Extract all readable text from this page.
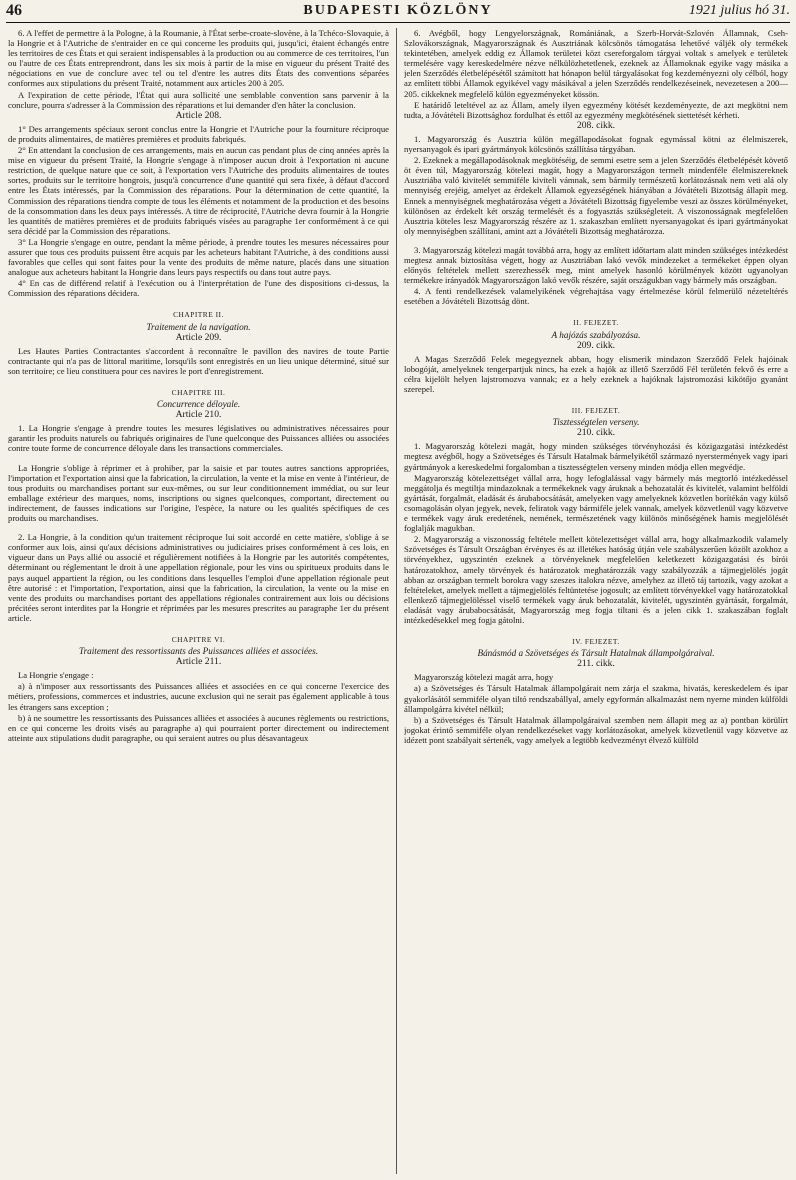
46	BUDAPESTI KÖZLÖNY	1921 julius hó 31.

6. A l'effet de permettre à la Pologne, à la Roumanie, à l'État serbe-croate-slovène, à la Tchéco-Slovaquie, à la Hongrie et à l'Autriche de s'entraider en ce qui concerne les produits qui, jusqu'ici, étaient échangés entre les territoires de ces États et qui seraient indispensables à la production ou au commerce de ces territoires, l'un ou l'autre de ces États entreprendront, dans les six mois à partir de la mise en vigueur du présent Traité des négociations en vue de conclure avec tel ou tel d'entre les autres dits États des conventions séparées conformes aux stipulations du présent Traité, notamment aux articles 200 à 205.

A l'expiration de cette période, l'État qui aura sollicité une semblable convention sans parvenir à la conclure, pourra s'adresser à la Commission des réparations et lui demander d'en hâter la conclusion.

Article 208.

1° Des arrangements spéciaux seront conclus entre la Hongrie et l'Autriche pour la fourniture réciproque de produits alimentaires, de matières premières et produits fabriqués.

2° En attendant la conclusion de ces arrangements, mais en aucun cas pendant plus de cinq années après la mise en vigueur du présent Traité, la Hongrie s'engage à n'imposer aucun droit à l'exportation ni aucune restriction, de quelque nature que ce soit, à l'exportation vers l'Autriche des produits alimentaires de toutes sortes, produits sur le territoire hongrois, jusqu'à concurrence d'une quantité qui sera fixée, à défaut d'accord entre les États intéressés, par la Commission des réparations. Pour la détermination de cette quantité, la Commission des réparations tiendra compte de tous les éléments et notamment de la production et des besoins de la consommation dans les deux pays intéressés. A titre de réciprocité, l'Autriche devra fournir à la Hongrie les quantités de matières premières et de produits fabriqués visées au paragraphe 1er conformément à ce qui sera décidé par la Commission des réparations.

3° La Hongrie s'engage en outre, pendant la même période, à prendre toutes les mesures nécessaires pour assurer que tous ces produits puissent être acquis par les acheteurs habitant l'Autriche, à des conditions aussi favorables que celles qui sont faites pour la vente des produits de même nature, placés dans une situation analogue aux acheteurs habitant la Hongrie dans leurs pays respectifs ou dans tout autre pays.

4° En cas de différend relatif à l'exécution ou à l'interprétation de l'une des dispositions ci-dessus, la Commission des réparations décidera.

CHAPITRE II.

Traitement de la navigation.

Article 209.

Les Hautes Parties Contractantes s'accordent à reconnaître le pavillon des navires de toute Partie contractante qui n'a pas de littoral maritime, lorsqu'ils sont enregistrés en un lieu unique déterminé, situé sur son territoire; ce lieu constituera pour ces navires le port d'enregistrement.

CHAPITRE III.

Concurrence déloyale.

Article 210.

1. La Hongrie s'engage à prendre toutes les mesures législatives ou administratives nécessaires pour garantir les produits naturels ou fabriqués originaires de l'une quelconque des Puissances alliées ou associées contre toute forme de concurrence déloyale dans les transactions commerciales.

La Hongrie s'oblige à réprimer et à prohiber, par la saisie et par toutes autres sanctions appropriées, l'importation et l'exportation ainsi que la fabrication, la circulation, la vente et la mise en vente à l'intérieur, de tous produits ou marchandises portant sur eux-mêmes, ou sur leur conditionnement immédiat, ou sur leur emballage extérieur des marques, noms, inscriptions ou signes quelconques, comportant, directement ou indirectement, de fausses indications sur l'origine, l'espèce, la nature ou les qualités spécifiques de ces produits ou marchandises.

2. La Hongrie, à la condition qu'un traitement réciproque lui soit accordé en cette matière, s'oblige à se conformer aux lois, ainsi qu'aux décisions administratives ou judiciaires prises conformément à ces lois, en vigueur dans un Pays allié ou associé et régulièrement notifiées à la Hongrie par les autorités compétentes, déterminant ou réglementant le droit à une appellation régionale, pour les vins ou spiritueux produits dans le pays auquel appartient la région, ou les conditions dans lesquelles l'emploi d'une appellation régionale peut être autorisé : et l'importation, l'exportation, ainsi que la fabrication, la circulation, la vente ou la mise en vente des produits ou marchandises portant des appellations régionales contrairement aux lois ou décisions précitées seront interdites par la Hongrie et réprimées par les mesures prescrites au paragraphe 1er du présent article.

CHAPITRE VI.

Traitement des ressortissants des Puissances alliées et associées.

Article 211.

La Hongrie s'engage :

a) à n'imposer aux ressortissants des Puissances alliées et associées en ce qui concerne l'exercice des métiers, professions, commerces et industries, aucune exclusion qui ne serait pas également applicable à tous les étrangers sans exception ;

b) à ne soumettre les ressortissants des Puissances alliées et associées à aucunes règlements ou restrictions, en ce qui concerne les droits visés au paragraphe a) qui pourraient porter directement ou indirectement atteinte aux stipulations dudit paragraphe, ou qui seraient autres ou plus désavantageux

6. Avégből, hogy Lengyelországnak, Romániának, a Szerb-Horvát-Szlovén Államnak, Cseh-Szlovákországnak, Magyarországnak és Ausztriának kölcsönös támogatása lehetővé váljék oly termékek tekintetében, amelyek eddig ez Államok területei közt csereforgalom tárgyai voltak s amelyek e területek termelésére vagy kereskedelmére nézve nélkülözhetetlenek, ezeknek az Államoknak egyike vagy másika a jelen Szerződés életbelépésétől számított hat hónapon belül tárgyalásokat fog kezdeményezni oly célból, hogy az említett többi Államok egyikével vagy másikával a jelen Szerződés rendelkezéseinek, nevezetesen a 200—205. cikkeknek megfelelő külön egyezményeket kössön.

E határidő leteltével az az Állam, amely ilyen egyezmény kötését kezdeményezte, de azt megkötni nem tudta, a Jóvátételi Bizottsághoz fordulhat és ettől az egyezmény megkötésének siettetését kérheti.

208. cikk.

1. Magyarország és Ausztria külön megállapodásokat fognak egymással kötni az élelmiszerek, nyersanyagok és ipari gyártmányok kölcsönös szállítása tárgyában.

2. Ezeknek a megállapodásoknak megkötéséig, de semmi esetre sem a jelen Szerződés életbelépését követő öt éven túl, Magyarország kötelezi magát, hogy a Magyarországon termelt mindenféle élelmiszereknek Ausztriába való kivitelét semmiféle kiviteli vámnak, sem bármily természetű korlátozásnak nem veti alá oly mennyiség erejéig, amelyet az érdekelt Államok egyezségének hiányában a Jóvátételi Bizottság állapít meg. Ennek a mennyiségnek meghatározása végett a Jóvátételi Bizottság figyelembe veszi az összes körülményeket, különösen az érdekelt két ország termelését és a fogyasztás szükségleteit. A viszonosságnak megfelelően Ausztria köteles lesz Magyarország részére az 1. szakaszban említett nyersanyagokat és ipari gyártmányokat oly mennyiségben szállítani, amint azt a Jóvátételi Bizottság meghatározza.

3. Magyarország kötelezi magát továbbá arra, hogy az említett időtartam alatt minden szükséges intézkedést megtesz annak biztosítása végett, hogy az Ausztriában lakó vevők mindezeket a termékeket éppen olyan előnyös feltételek mellett szerezhessék meg, mint amelyek hasonló körülmények között ugyanolyan termékekre irányadók Magyarországon lakó vevők részére, saját országukban vagy bármely más országban.

4. A fenti rendelkezések valamelyikének végrehajtása vagy értelmezése körül felmerülő nézeteltérés esetében a Jóvátételi Bizottság dönt.

II. FEJEZET.

A hajózás szabályozása.

209. cikk.

A Magas Szerződő Felek megegyeznek abban, hogy elismerik mindazon Szerződő Felek hajóinak lobogóját, amelyeknek tengerpartjuk nincs, ha ezek a hajók az illető Szerződő Fél területén fekvő és erre a célra kijelölt helyen lajstromozva vannak; ez a hely ezeknek a hajóknak lajstromozási kikötőjo gyanánt szerepel.

III. FEJEZET.

Tisztességtelen verseny.

210. cikk.

1. Magyarország kötelezi magát, hogy minden szükséges törvényhozási és közigazgatási intézkedést megtesz avégből, hogy a Szövetséges és Társult Hatalmak bármelyikétől származó nyerstermények vagy ipari gyártmányok a kereskedelmi forgalomban a tisztességtelen verseny minden módja ellen megvédje.

Magyarország kötelezettséget vállal arra, hogy lefoglalással vagy bármely más megtorló intézkedéssel meggátolja és megtiltja mindazoknak a termékeknek vagy áruknak a behozatalát és kivitelét, valamint belföldi gyártását, forgalmát, eladását és árubabocsátását, amelyeken vagy amelyeknek közvetlen borítékán vagy külső csomagolásán olyan jegyek, nevek, feliratok vagy bármiféle jelek vannak, amelyek közvetlenül vagy közvetve e termékek vagy áruk eredetének, nemének, természetének vagy különös minőségének hamis megjelölését foglalják magukban.

2. Magyarország a viszonosság feltétele mellett kötelezettséget vállal arra, hogy alkalmazkodik valamely Szövetséges és Társult Országban érvényes és az illetékes hatóság útján vele szabályszerűen közölt azokhoz a törvényekhez, ugyszintén ezeknek a törvényeknek megfelelően keletkezett közigazgatási és bírói határozatokhoz, amely törvények és határozatok meghatározzák vagy szabályozzák a tájmegjelölés jogát abban az országban termelt borokra vagy szeszes italokra nézve, amelyhez az illető táj tartozik, vagy azokat a feltételeket, amelyek mellett a tájmegjelölés feltüntetése jogosult; az említett törvényekkel vagy határozatokkal ellenkező tájmegjelöléssel viselő termékek vagy áruk behozatalát, kivitelét, ugyszintén gyártását, forgalmát, eladását vagy árubabocsátását, Magyarország meg fogja tiltani és a jelen cikk 1. szakaszában foglalt intézkedésekkel meg fogja gátolni.

IV. FEJEZET.

Bánásmód a Szövetséges és Társult Hatalmak állampolgáraival.

211. cikk.

Magyarország kötelezi magát arra, hogy

a) a Szövetséges és Társult Hatalmak állampolgárait nem zárja el szakma, hivatás, kereskedelem és ipar gyakorlásától semmiféle olyan tiltó rendszabállyal, amely egyformán alkalmazást nem nyerne minden külföldi állampolgárra kivétel nélkül;

b) a Szövetséges és Társult Hatalmak állampolgáraival szemben nem állapit meg az a) pontban körülírt jogokat érintő semmiféle olyan rendelkezéseket vagy korlátozásokat, amelyek közvetlenül vagy közvetve az idézett pont szabályait sértenék, vagy amelyek a legtöbb kedvezményt élvező külföld
